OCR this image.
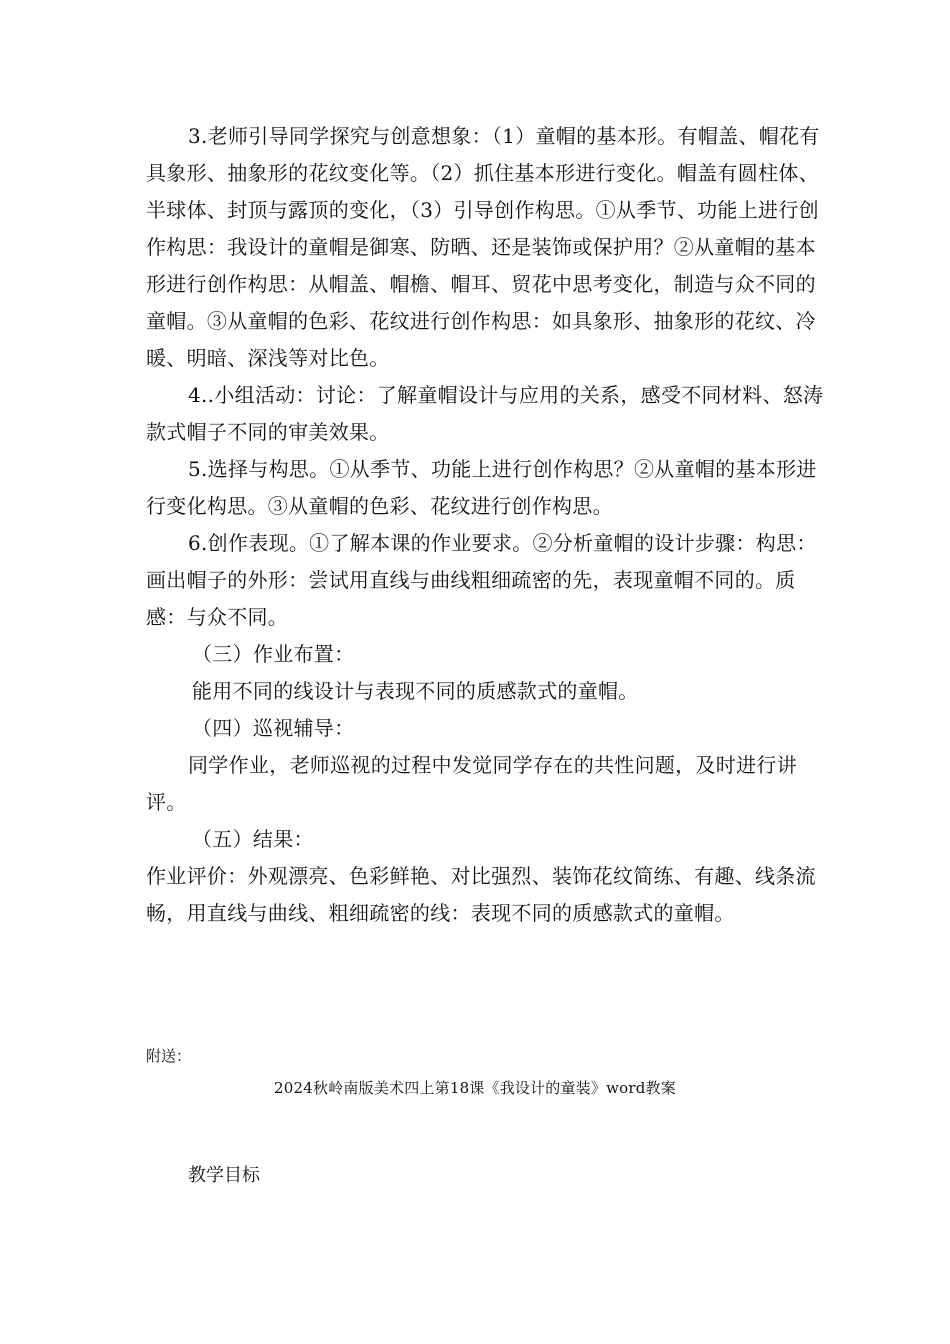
3.老师引导同学探究与创意想象：（1）童帽的基本形。有帽盖、帽花有具象形、抽象形的花纹变化等。（2）抓住基本形进行变化。帽盖有圆柱体、半球体、封顶与露顶的变化，（3）引导创作构思。①从季节、功能上进行创作构思：我设计的童帽是御寒、防晒、还是装饰或保护用？②从童帽的基本形进行创作构思：从帽盖、帽檐、帽耳、贸花中思考变化，制造与众不同的童帽。③从童帽的色彩、花纹进行创作构思：如具象形、抽象形的花纹、冷暖、明暗、深浅等对比色。

4..小组活动：讨论：了解童帽设计与应用的关系，感受不同材料、怒涛款式帽子不同的审美效果。

5.选择与构思。①从季节、功能上进行创作构思？②从童帽的基本形进行变化构思。③从童帽的色彩、花纹进行创作构思。

6.创作表现。①了解本课的作业要求。②分析童帽的设计步骤：构思：画出帽子的外形：尝试用直线与曲线粗细疏密的先，表现童帽不同的。质感：与众不同。

（三）作业布置：

能用不同的线设计与表现不同的质感款式的童帽。

（四）巡视辅导：

同学作业，老师巡视的过程中发觉同学存在的共性问题，及时进行讲评。

（五）结果：

作业评价：外观漂亮、色彩鲜艳、对比强烈、装饰花纹简练、有趣、线条流畅，用直线与曲线、粗细疏密的线：表现不同的质感款式的童帽。

附送：
2024秋岭南版美术四上第18课《我设计的童装》word教案
教学目标
